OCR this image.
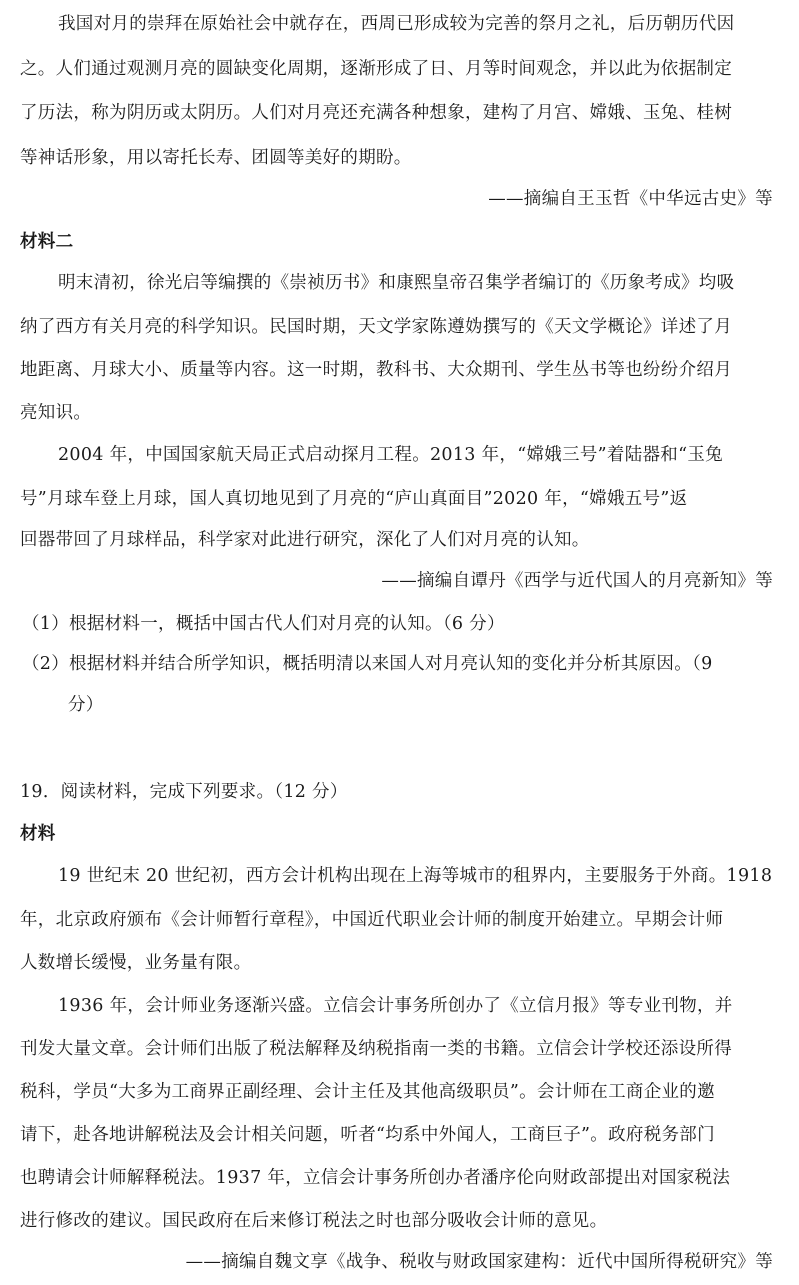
我国对月的崇拜在原始社会中就存在，西周已形成较为完善的祭月之礼，后历朝历代因
之。人们通过观测月亮的圆缺变化周期，逐渐形成了日、月等时间观念，并以此为依据制定
了历法，称为阴历或太阴历。人们对月亮还充满各种想象，建构了月宫、嫦娥、玉兔、桂树
等神话形象，用以寄托长寿、团圆等美好的期盼。
——摘编自王玉哲《中华远古史》等
材料二
明末清初，徐光启等编撰的《崇祯历书》和康熙皇帝召集学者编订的《历象考成》均吸
纳了西方有关月亮的科学知识。民国时期，天文学家陈遵妫撰写的《天文学概论》详述了月
地距离、月球大小、质量等内容。这一时期，教科书、大众期刊、学生丛书等也纷纷介绍月
亮知识。
2004 年，中国国家航天局正式启动探月工程。2013 年，“嫦娥三号”着陆器和“玉兔
号”月球车登上月球，国人真切地见到了月亮的“庐山真面目”2020 年，“嫦娥五号”返
回器带回了月球样品，科学家对此进行研究，深化了人们对月亮的认知。
——摘编自谭丹《西学与近代国人的月亮新知》等
（1）根据材料一，概括中国古代人们对月亮的认知。（6 分）
（2）根据材料并结合所学知识，概括明清以来国人对月亮认知的变化并分析其原因。（9
分）
19．阅读材料，完成下列要求。（12 分）
材料
19 世纪末 20 世纪初，西方会计机构出现在上海等城市的租界内，主要服务于外商。1918
年，北京政府颁布《会计师暂行章程》，中国近代职业会计师的制度开始建立。早期会计师
人数增长缓慢，业务量有限。
1936 年，会计师业务逐渐兴盛。立信会计事务所创办了《立信月报》等专业刊物，并
刊发大量文章。会计师们出版了税法解释及纳税指南一类的书籍。立信会计学校还添设所得
税科，学员“大多为工商界正副经理、会计主任及其他高级职员”。会计师在工商企业的邀
请下，赴各地讲解税法及会计相关问题，听者“均系中外闻人，工商巨子”。政府税务部门
也聘请会计师解释税法。1937 年，立信会计事务所创办者潘序伦向财政部提出对国家税法
进行修改的建议。国民政府在后来修订税法之时也部分吸收会计师的意见。
——摘编自魏文享《战争、税收与财政国家建构：近代中国所得税研究》等
